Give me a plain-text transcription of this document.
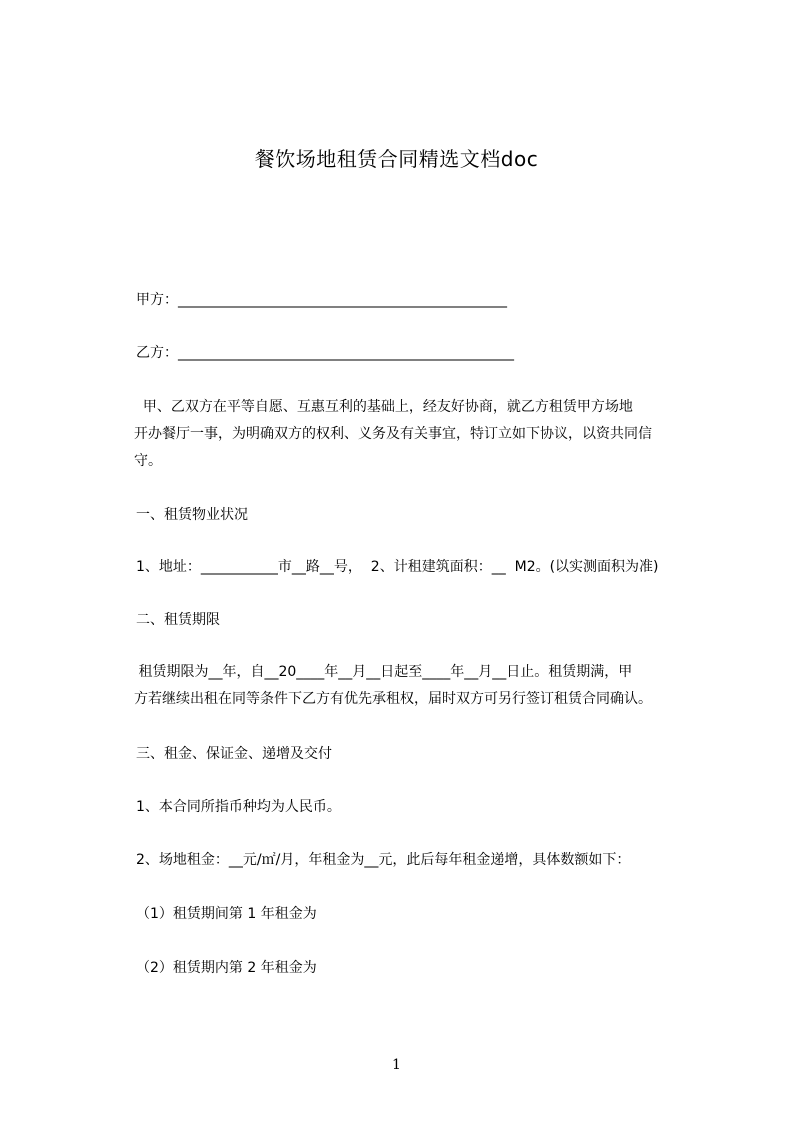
餐饮场地租赁合同精选文档doc
甲方：_______________________________________________
乙方：________________________________________________
甲、乙双方在平等自愿、互惠互利的基础上，经友好协商，就乙方租赁甲方场地
开办餐厅一事，为明确双方的权利、义务及有关事宜，特订立如下协议，以资共同信
守。
一、租赁物业状况
1、地址：___________市__路__号，  2、计租建筑面积：__  M2。(以实测面积为准)
二、租赁期限
租赁期限为__年，自__20____年__月__日起至____年__月__日止。租赁期满，甲
方若继续出租在同等条件下乙方有优先承租权，届时双方可另行签订租赁合同确认。
三、租金、保证金、递增及交付
1、本合同所指币种均为人民币。
2、场地租金：__元/㎡/月，年租金为__元，此后每年租金递增，具体数额如下：
（1）租赁期间第 1 年租金为
（2）租赁期内第 2 年租金为
1
